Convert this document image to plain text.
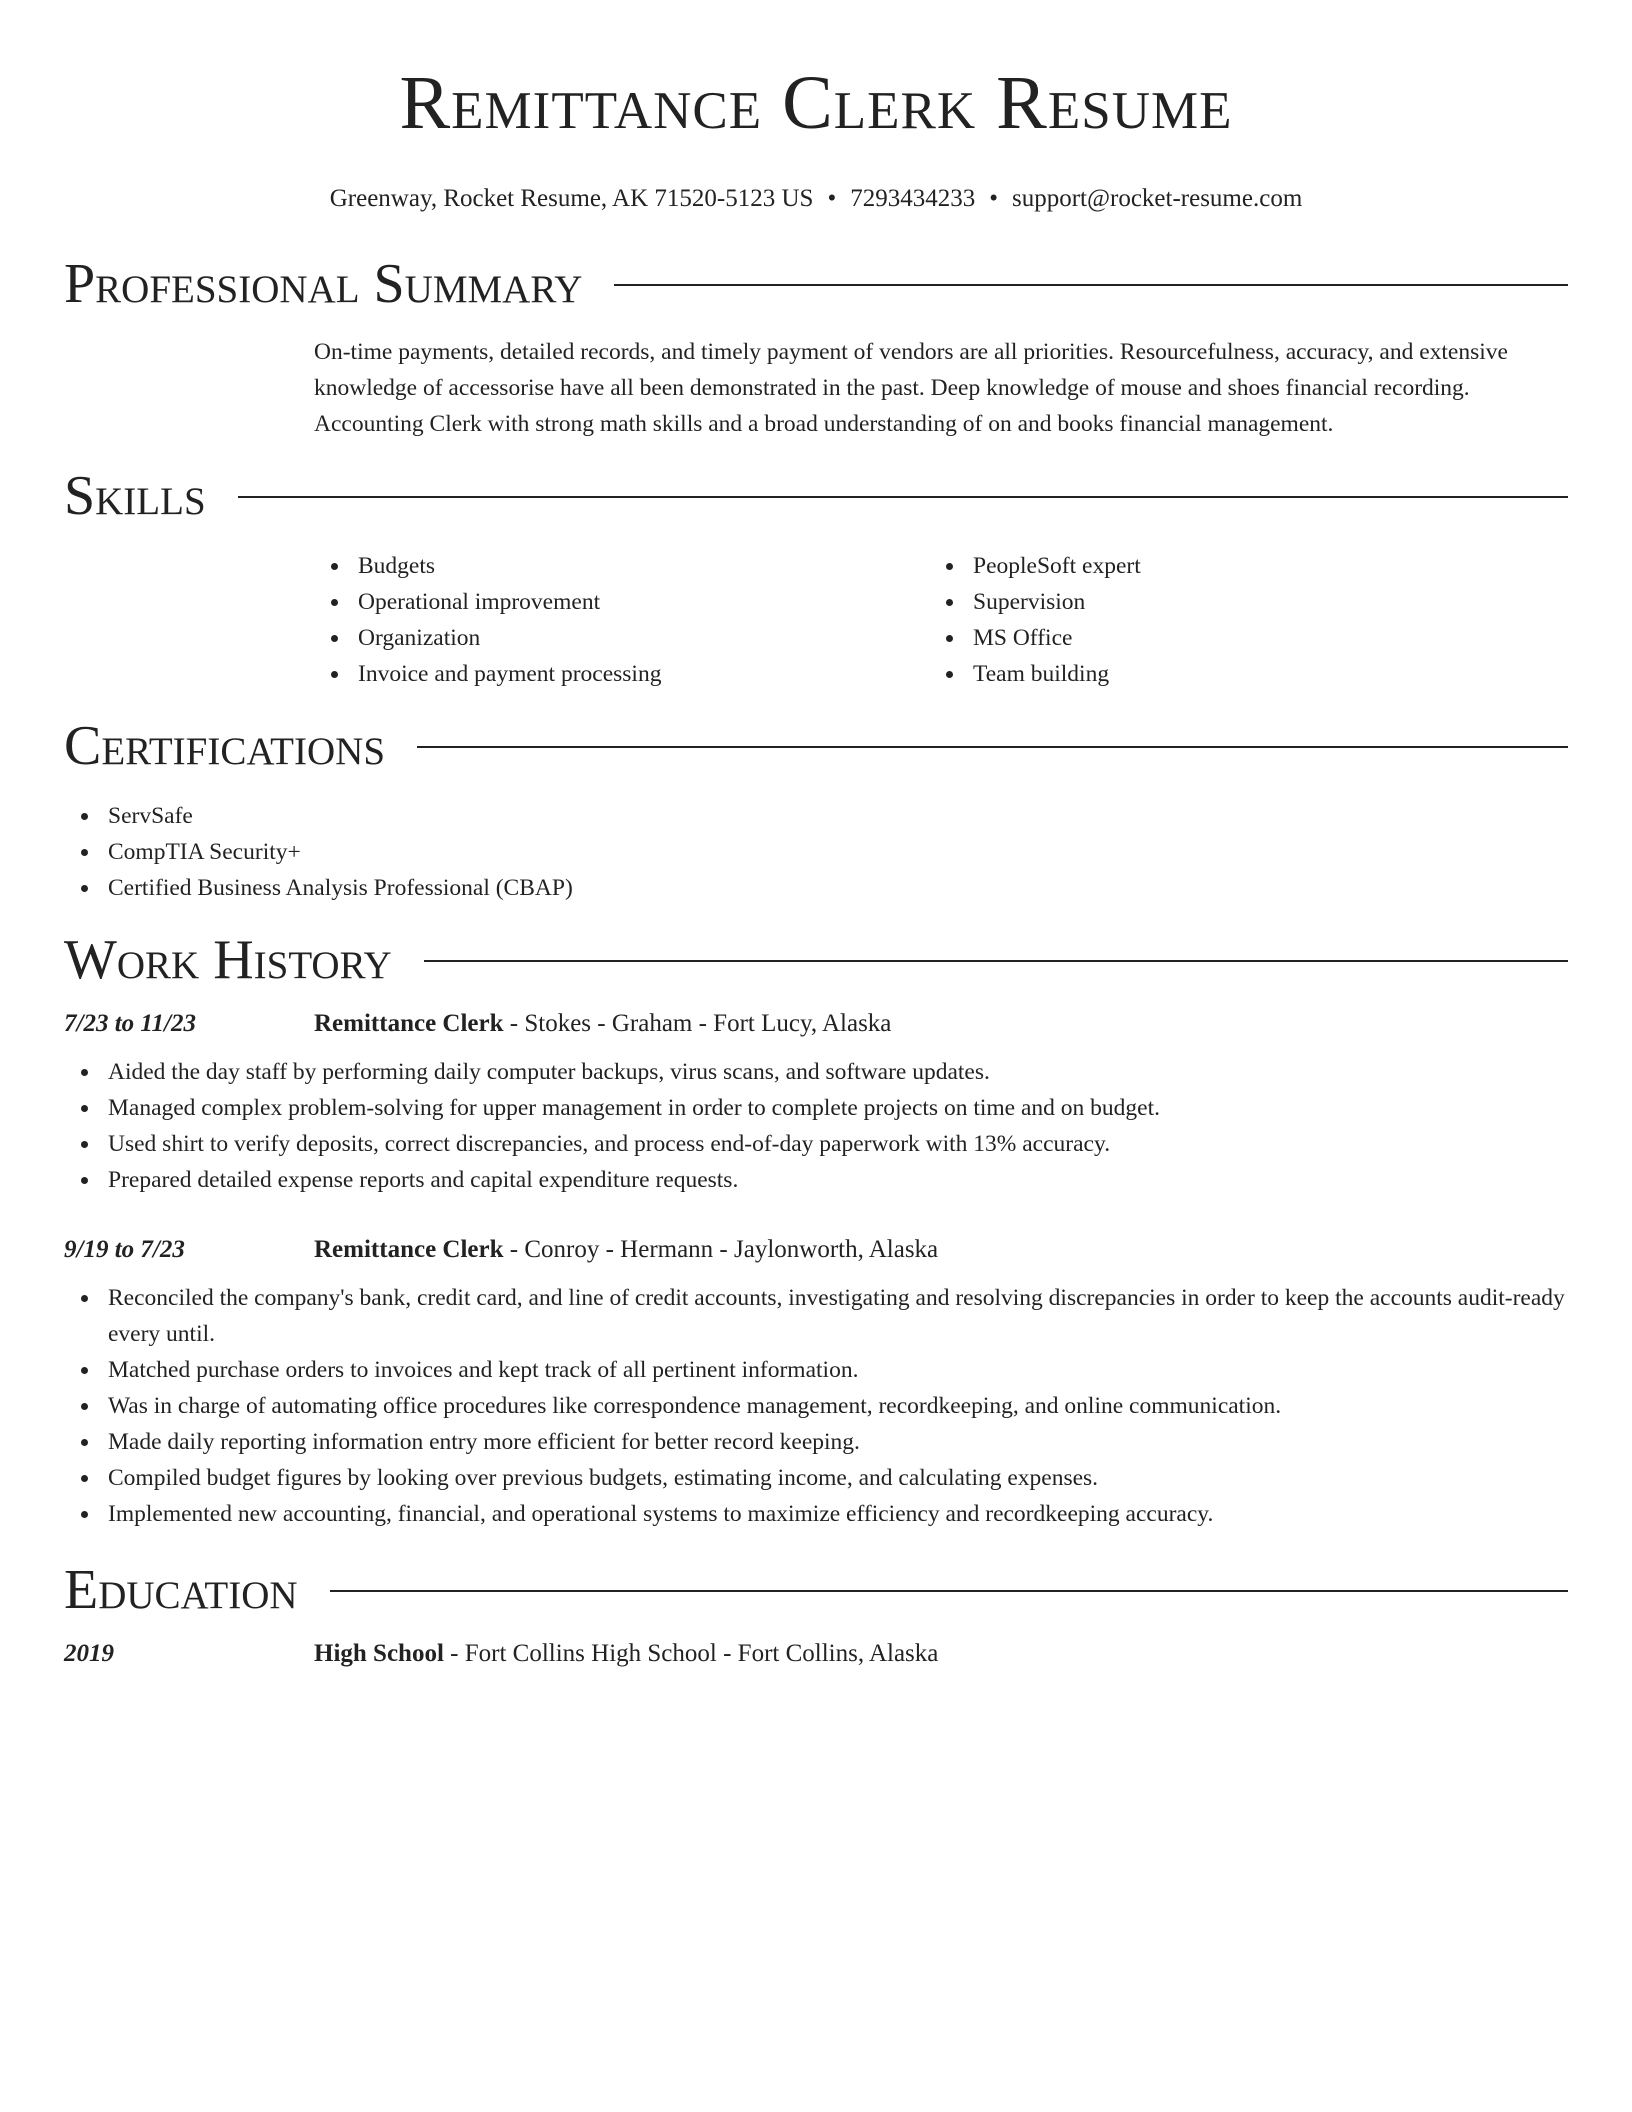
Remittance Clerk Resume
Greenway, Rocket Resume, AK 71520-5123 US • 7293434233 • support@rocket-resume.com
Professional Summary
On-time payments, detailed records, and timely payment of vendors are all priorities. Resourcefulness, accuracy, and extensive knowledge of accessorise have all been demonstrated in the past. Deep knowledge of mouse and shoes financial recording. Accounting Clerk with strong math skills and a broad understanding of on and books financial management.
Skills
Budgets
Operational improvement
Organization
Invoice and payment processing
PeopleSoft expert
Supervision
MS Office
Team building
Certifications
ServSafe
CompTIA Security+
Certified Business Analysis Professional (CBAP)
Work History
7/23 to 11/23	Remittance Clerk - Stokes - Graham - Fort Lucy, Alaska
Aided the day staff by performing daily computer backups, virus scans, and software updates.
Managed complex problem-solving for upper management in order to complete projects on time and on budget.
Used shirt to verify deposits, correct discrepancies, and process end-of-day paperwork with 13% accuracy.
Prepared detailed expense reports and capital expenditure requests.
9/19 to 7/23	Remittance Clerk - Conroy - Hermann - Jaylonworth, Alaska
Reconciled the company's bank, credit card, and line of credit accounts, investigating and resolving discrepancies in order to keep the accounts audit-ready every until.
Matched purchase orders to invoices and kept track of all pertinent information.
Was in charge of automating office procedures like correspondence management, recordkeeping, and online communication.
Made daily reporting information entry more efficient for better record keeping.
Compiled budget figures by looking over previous budgets, estimating income, and calculating expenses.
Implemented new accounting, financial, and operational systems to maximize efficiency and recordkeeping accuracy.
Education
2019	High School - Fort Collins High School - Fort Collins, Alaska
